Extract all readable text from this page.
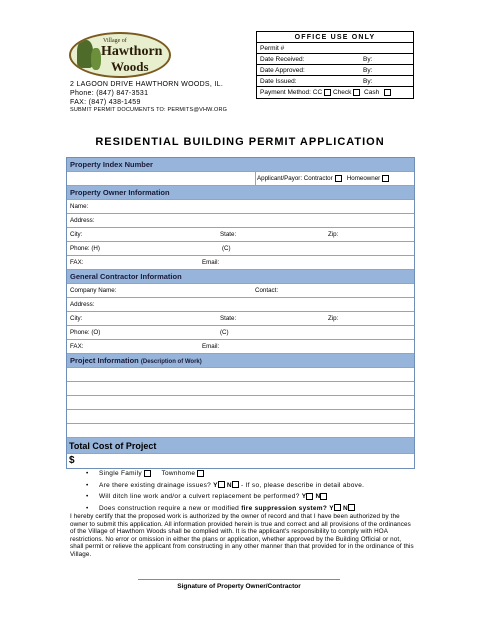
Village of
Hawthorn
Woods
2 LAGOON DRIVE HAWTHORN WOODS, IL.
Phone: (847) 847-3531
FAX: (847) 438-1459
SUBMIT PERMIT DOCUMENTS TO: PERMITS@VHW.ORG
OFFICE USE ONLY
Permit #
Date Received:	By:
Date Approved:	By:
Date Issued:	By:
Payment Method: CC Check Cash
RESIDENTIAL BUILDING PERMIT APPLICATION
Property Index Number
Applicant/Payor: Contractor Homeowner
Property Owner Information
Name:
Address:
City:	State:	Zip:
Phone: (H)	(C)
FAX:	Email:
General Contractor Information
Company Name:	Contact:
Address:
City:	State:	Zip:
Phone: (O)	(C)
FAX:	Email:
Project Information (Description of Work)
Total Cost of Project
$
• Single Family	Townhome
• Are there existing drainage issues? Y N - If so, please describe in detail above.
• Will ditch line work and/or a culvert replacement be performed? Y N
• Does construction require a new or modified fire suppression system? Y N
I hereby certify that the proposed work is authorized by the owner of record and that I have been authorized by the owner to submit this application. All information provided herein is true and correct and all provisions of the ordinances of the Village of Hawthorn Woods shall be complied with. It is the applicant's responsibility to comply with HOA restrictions. No error or omission in either the plans or application, whether approved by the Building Official or not, shall permit or relieve the applicant from constructing in any other manner than that provided for in the ordinance of this Village.
Signature of Property Owner/Contractor
